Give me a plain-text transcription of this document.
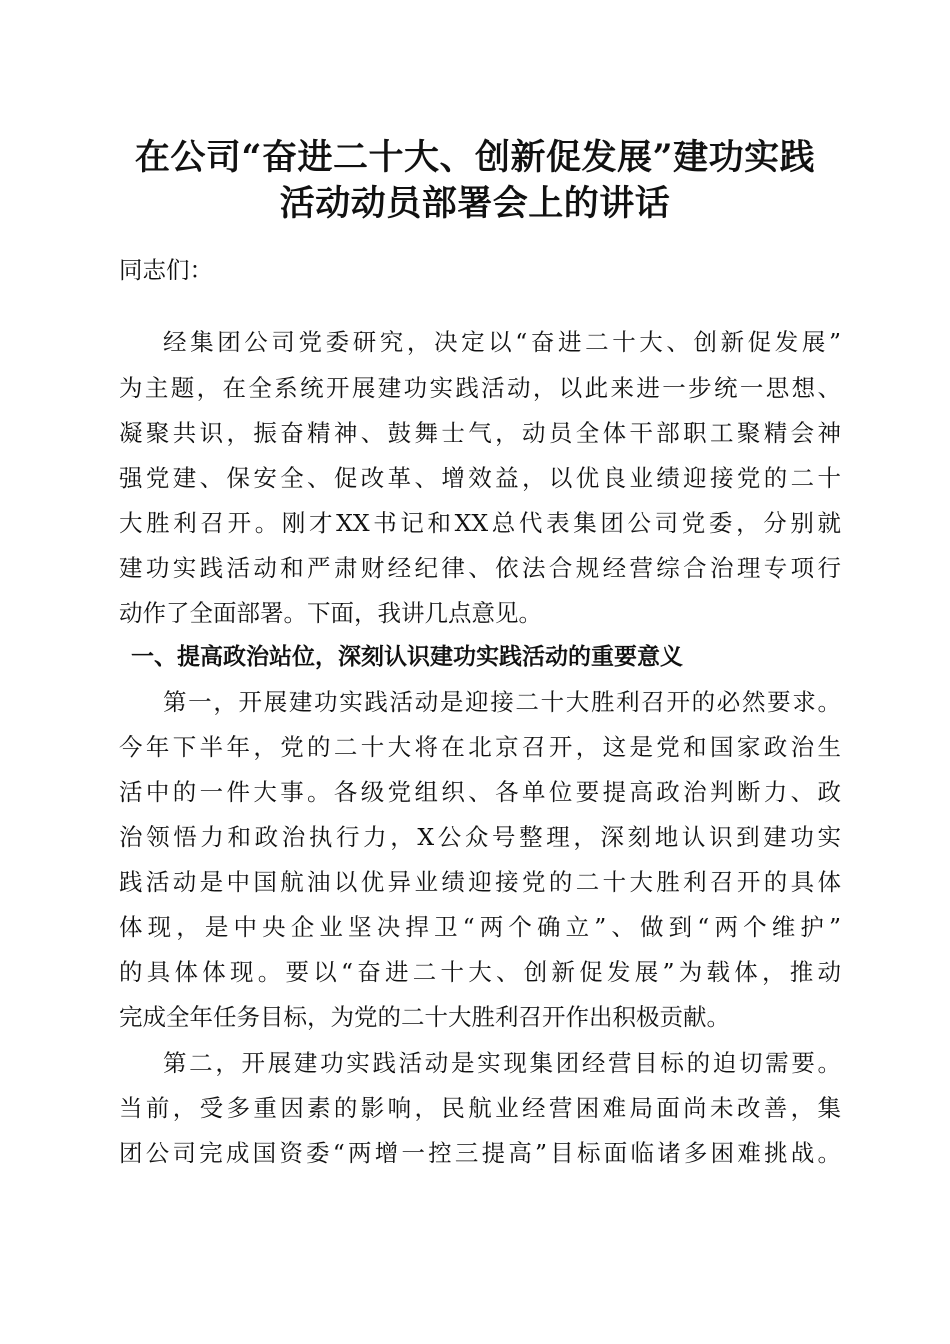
在公司“奋进二十大、创新促发展”建功实践
活动动员部署会上的讲话
同志们：
经集团公司党委研究，决定以“奋进二十大、创新促发展”
为主题，在全系统开展建功实践活动，以此来进一步统一思想、
凝聚共识，振奋精神、鼓舞士气，动员全体干部职工聚精会神
强党建、保安全、促改革、增效益，以优良业绩迎接党的二十
大胜利召开。刚才XX书记和XX总代表集团公司党委，分别就
建功实践活动和严肃财经纪律、依法合规经营综合治理专项行
动作了全面部署。下面，我讲几点意见。
一、提高政治站位，深刻认识建功实践活动的重要意义
第一，开展建功实践活动是迎接二十大胜利召开的必然要求。
今年下半年，党的二十大将在北京召开，这是党和国家政治生
活中的一件大事。各级党组织、各单位要提高政治判断力、政
治领悟力和政治执行力，X公众号整理，深刻地认识到建功实
践活动是中国航油以优异业绩迎接党的二十大胜利召开的具体
体现，是中央企业坚决捍卫“两个确立”、做到“两个维护”
的具体体现。要以“奋进二十大、创新促发展”为载体，推动
完成全年任务目标，为党的二十大胜利召开作出积极贡献。
第二，开展建功实践活动是实现集团经营目标的迫切需要。
当前，受多重因素的影响，民航业经营困难局面尚未改善，集
团公司完成国资委“两增一控三提高”目标面临诸多困难挑战。
